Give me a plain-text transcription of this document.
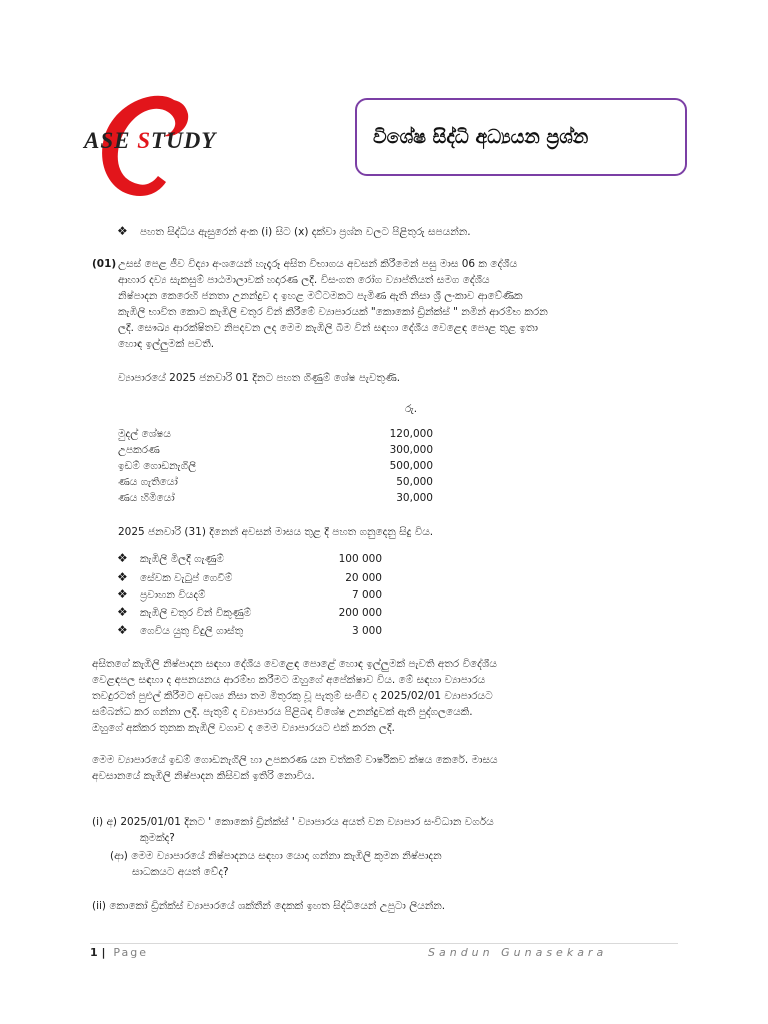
ASE STUDY	විශේෂ සිද්ධි අධ්‍යයන ප්‍රශ්න
❖ පහත සිද්ධිය ඇසුරෙන් අංක (i) සිට (x) දක්වා ප්‍රශ්න වලට පිළිතුරු සපයන්න.
(01) උසස් පෙළ ජීව විද්‍යා අංශයෙන් හැදෑරූ අසිත විභාගය අවසන් කිරීමෙන් පසු මාස 06 ක දේශීය
ආහාර දව්‍ය සැකසුම් පාඨමාලාවක් හදාරණ ලදී. විසංගත රෝග ව්‍යාප්තියත් සමග දේශීය
නිෂ්පාදන කෙරෙහි ජනතා උනන්දුව ද ඉහළ මට්ටමකට පැමිණ ඇති නිසා ශ්‍රී ලංකාව ආවේණික
කැඹිලි භාවිත කොට කැඹිලි චතුර වින් කිරීමේ ව්‍යාපාරයක් "කොකෝ ඩ්‍රින්ක්ස් " නමින් ආරම්භ කරන
ලදී. සෞඛ්‍ය ආරක්ෂිතව නිපදවන ලද මෙම කැඹිලි බීම වින් සඳහා දේශීය වෙළෙඳ පොළ තුළ ඉතා
හොඳ ඉල්ලුමක් පවතී.
ව්‍යාපාරයේ 2025 ජනවාරි 01 දිනට පහත ගිණුම් ශේෂ පැවතුණි.
රු.
මුදල් ශේෂය	120,000
උපකරණ	300,000
ඉඩම් ගොඩනැගිලි	500,000
ණය ගැතියෝ	50,000
ණය හිමියෝ	30,000
2025 ජනවාරි (31) දිනෙන් අවසන් මාසය තුළ දී පහත ගනුදෙනු සිදු විය.
❖ කැඹිලි මිලදී ගැණුම්	100 000
❖ සේවක වැටුප් ගෙවීම්	20 000
❖ ප්‍රවාහන වියදම්	7 000
❖ කැඹිලි චතුර වින් විකුණුම්	200 000
❖ ගෙවිය යුතු විදුලි ගාස්තු	3 000
අසිතගේ කැඹිලි නිෂ්පාදන සඳහා දේශීය වෙළෙඳ පොළේ හොඳ ඉල්ලුමක් පැවති අතර විදේශීය
වෙළඳපල සඳහා ද අපනයනය ආරම්භ කරීමට ඔහුගේ අපේක්ෂාව විය. මේ සඳහා ව්‍යාපාරය
තවදුරටත් පුළුල් කිරීමට අවශ්‍ය නිසා තම මිතුරකු වූ පැතුම් සංජීව ද 2025/02/01 ව්‍යාපාරයට
සම්බන්ධ කර ගන්නා ලදී. පැතුම් ද ව්‍යාපාරය පිළිබඳ විශේෂ උනන්දුවක් ඇති පුද්ගලයෙකි.
ඔහුගේ අක්කර තුනක කැඹිලි වගාව ද මෙම ව්‍යාපාරයට එක් කරන ලදී.
මෙම ව්‍යාපාරයේ ඉඩම් ගොඩනැගිලි හා උපකරණ යන වත්කම් වාර්ෂිකව ක්ෂය කෙරේ. මාසය
අවසානයේ කැඹිලි නිෂ්පාදන කිසිවක් ඉතිරි නොවිය.
(i) අ) 2025/01/01 දිනට ' කොකෝ ඩ්‍රින්ක්ස් ' ව්‍යාපාරය අයත් වන ව්‍යාපාර සංවිධාන වර්ගය
කුමක්ද?
(ආ) මෙම ව්‍යාපාරයේ නිෂ්පාදනය සඳහා යොදා ගන්නා කැඹිලි කුමන නිෂ්පාදන
සාධකයට අයත් වේද?
(ii) කොකෝ ඩ්‍රින්ක්ස් ව්‍යාපාරයේ ශක්තීන් දෙකක් ඉහත සිද්ධියෙන් උපුටා ලියන්න.
1 | Page	Sandun Gunasekara
